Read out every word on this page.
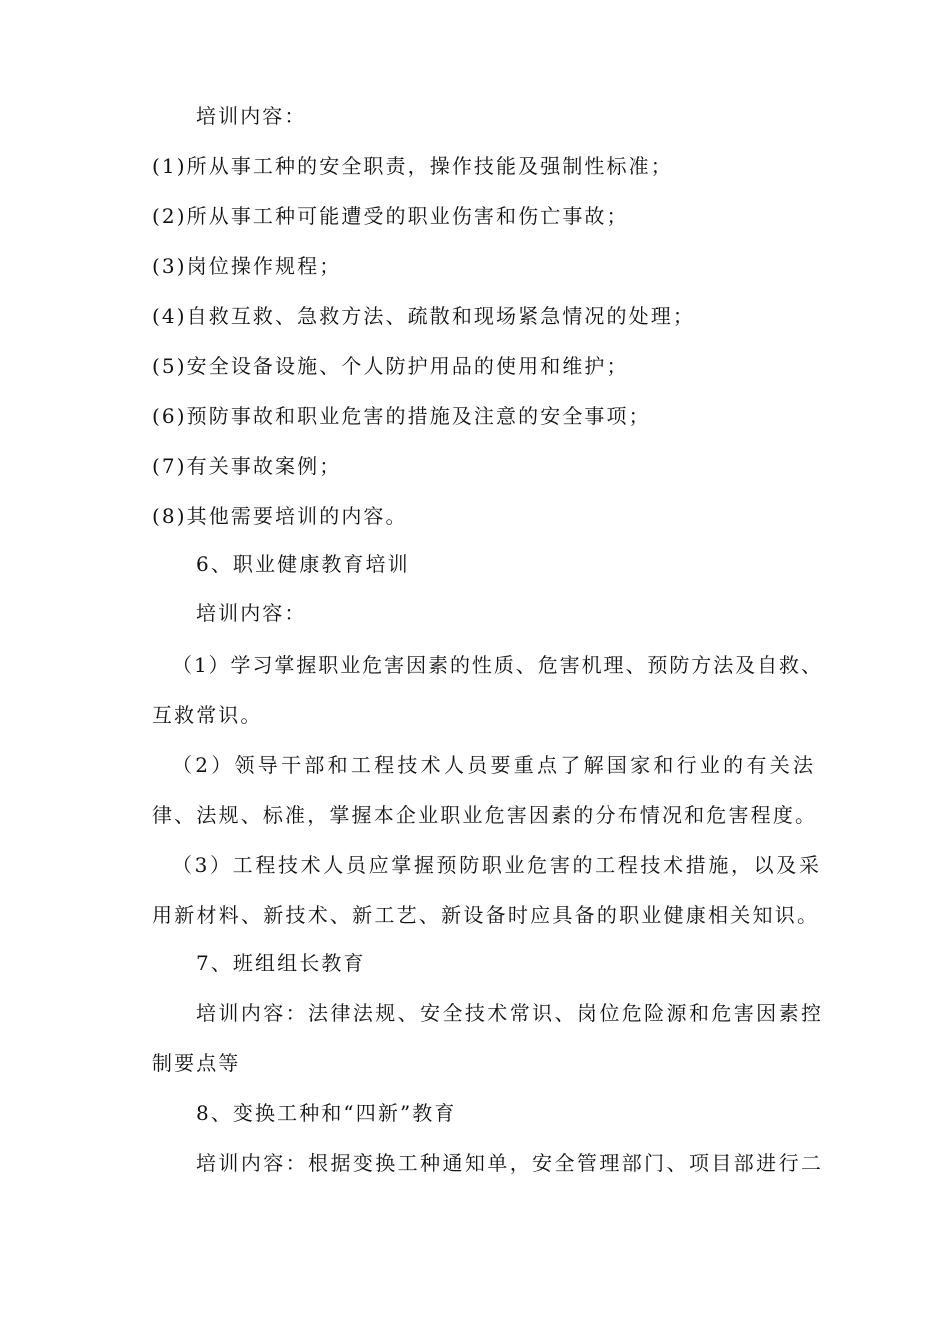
培训内容：
(1)所从事工种的安全职责，操作技能及强制性标准；
(2)所从事工种可能遭受的职业伤害和伤亡事故；
(3)岗位操作规程；
(4)自救互救、急救方法、疏散和现场紧急情况的处理；
(5)安全设备设施、个人防护用品的使用和维护；
(6)预防事故和职业危害的措施及注意的安全事项；
(7)有关事故案例；
(8)其他需要培训的内容。
6、职业健康教育培训
培训内容：
（1）学习掌握职业危害因素的性质、危害机理、预防方法及自救、
互救常识。
（2）领导干部和工程技术人员要重点了解国家和行业的有关法
律、法规、标准，掌握本企业职业危害因素的分布情况和危害程度。
（3）工程技术人员应掌握预防职业危害的工程技术措施，以及采
用新材料、新技术、新工艺、新设备时应具备的职业健康相关知识。
7、班组组长教育
培训内容：法律法规、安全技术常识、岗位危险源和危害因素控
制要点等
8、变换工种和“四新”教育
培训内容：根据变换工种通知单，安全管理部门、项目部进行二
